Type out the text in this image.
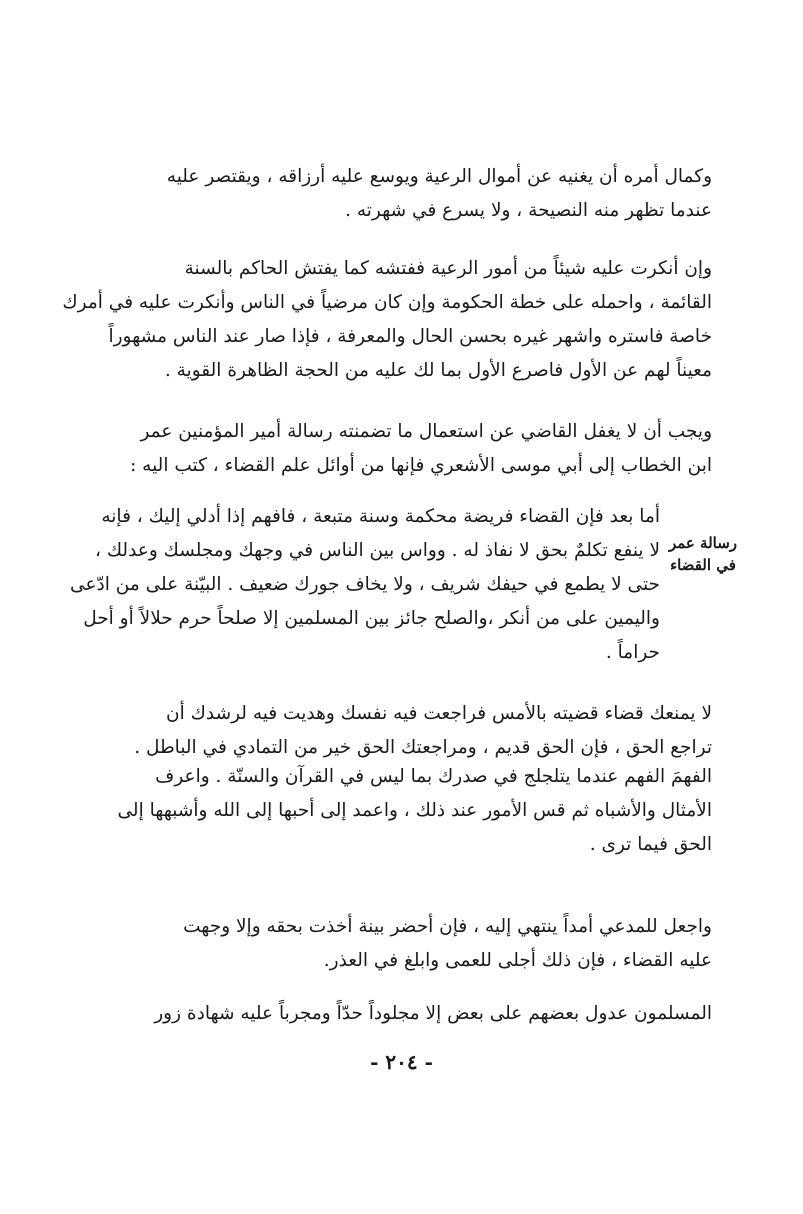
وكمال أمره أن يغنيه عن أموال الرعية ويوسع عليه أرزاقه ، ويقتصر عليه
عندما تظهر منه النصيحة ، ولا يسرع في شهرته .

وإن أنكرت عليه شيئاً من أمور الرعية ففتشه كما يفتش الحاكم بالسنة
القائمة ، واحمله على خطة الحكومة وإن كان مرضياً في الناس وأنكرت عليه في أمرك
خاصة فاستره واشهر غيره بحسن الحال والمعرفة ، فإذا صار عند الناس مشهوراً
معيناً لهم عن الأول فاصرع الأول بما لك عليه من الحجة الظاهرة القوية .

ويجب أن لا يغفل القاضي عن استعمال ما تضمنته رسالة أمير المؤمنين عمر
ابن الخطاب إلى أبي موسى الأشعري فإنها من أوائل علم القضاء ، كتب اليه :

رسالة عمر
في القضاء

أما بعد فإن القضاء فريضة محكمة وسنة متبعة ، فافهم إذا أدلي إليك ، فإنه
لا ينفع تكلمٌ بحق لا نفاذ له . وواس بين الناس في وجهك ومجلسك وعدلك ،
حتى لا يطمع في حيفك شريف ، ولا يخاف جورك ضعيف . البيّنة على من ادّعى
واليمين على من أنكر ،والصلح جائز بين المسلمين إلا صلحاً حرم حلالاً أو أحل
حراماً .

لا يمنعك قضاء قضيته بالأمس فراجعت فيه نفسك وهديت فيه لرشدك أن
تراجع الحق ، فإن الحق قديم ، ومراجعتك الحق خير من التمادي في الباطل .

الفهمَ الفهم عندما يتلجلج في صدرك بما ليس في القرآن والسنّة . واعرف
الأمثال والأشباه ثم قس الأمور عند ذلك ، واعمد إلى أحبها إلى الله وأشبهها إلى
الحق فيما ترى .

واجعل للمدعي أمداً ينتهي إليه ، فإن أحضر بينة أخذت بحقه وإلا وجهت
عليه القضاء ، فإن ذلك أجلى للعمى وابلغ في العذر.

المسلمون عدول بعضهم على بعض إلا مجلوداً حدّاً ومجرباً عليه شهادة زور

- ٢٠٤ -
